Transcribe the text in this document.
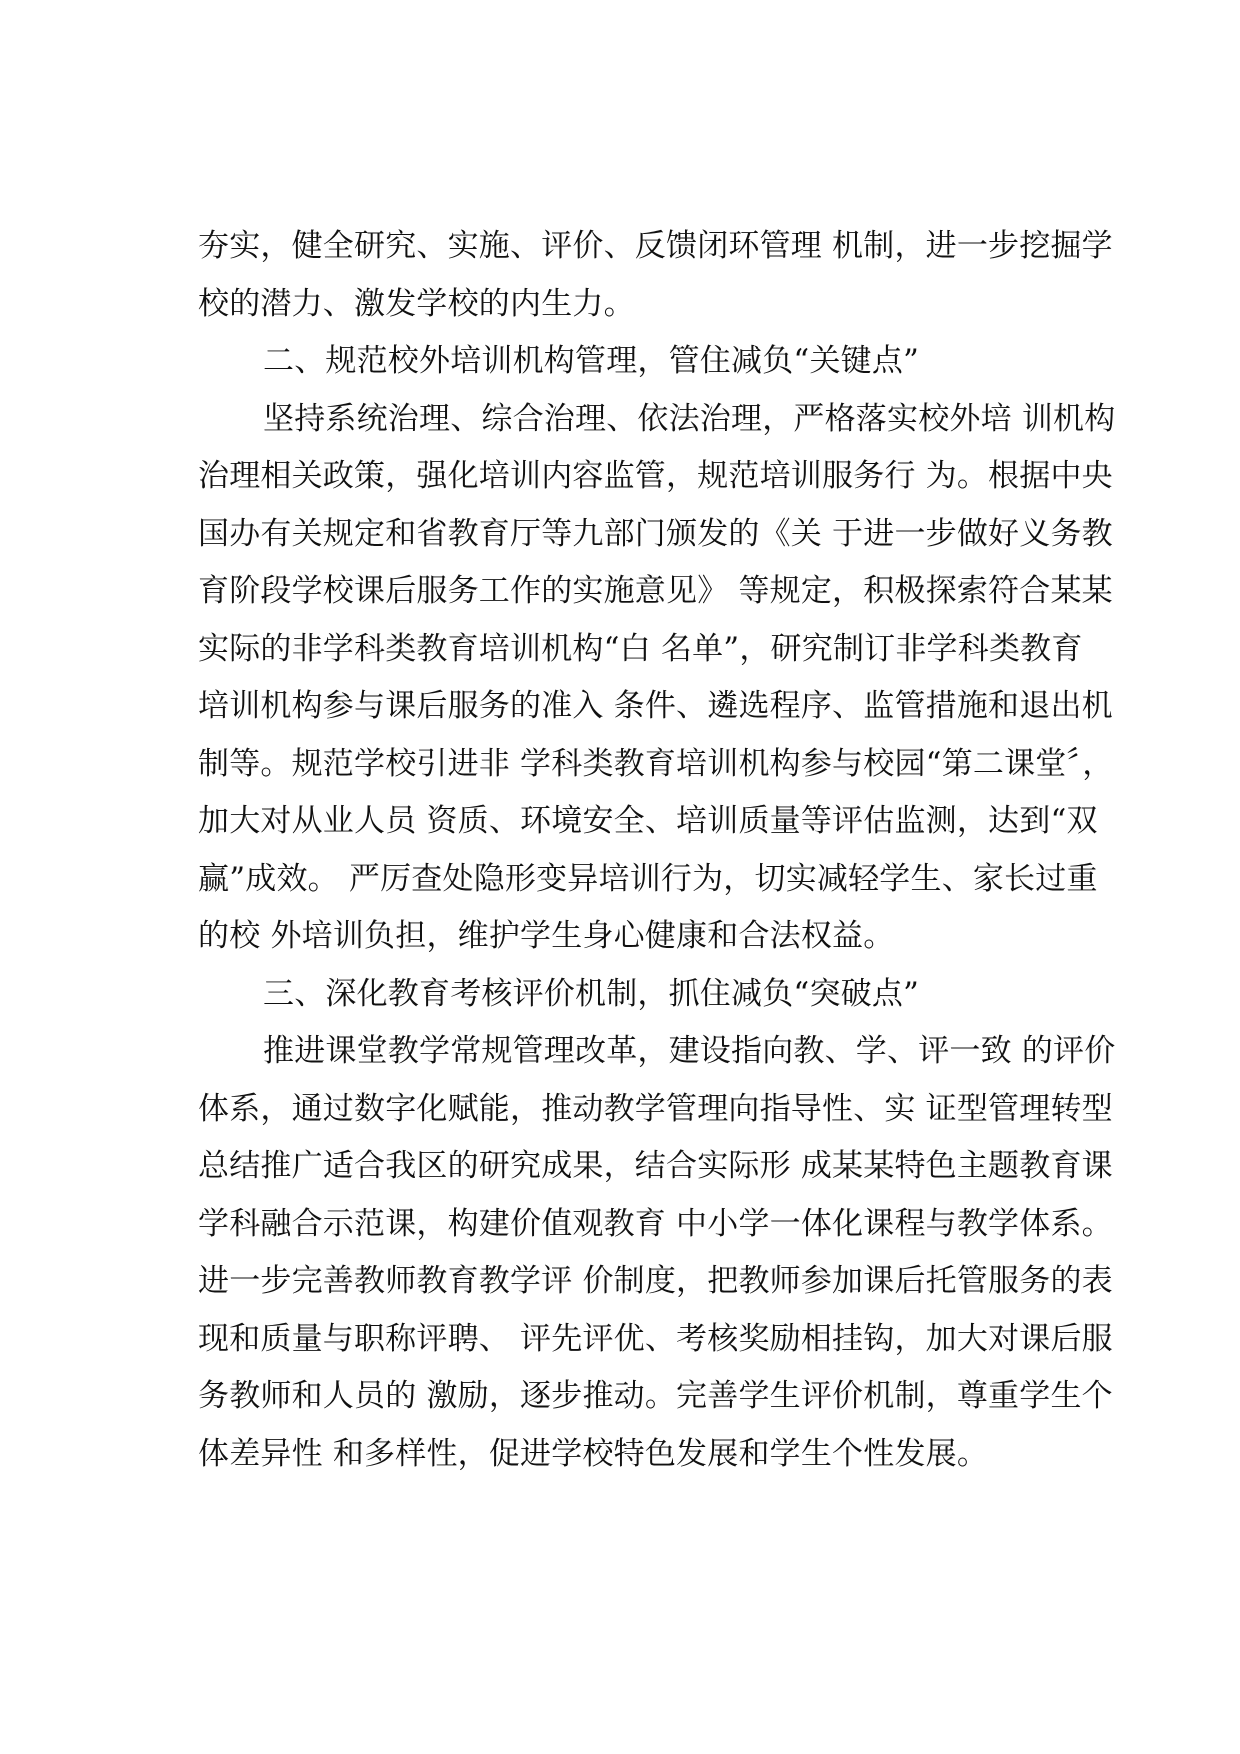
夯实，健全研究、实施、评价、反馈闭环管理 机制，进一步挖掘学
校的潜力、激发学校的内生力。
二、规范校外培训机构管理，管住减负“关键点”
坚持系统治理、综合治理、依法治理，严格落实校外培 训机构
治理相关政策，强化培训内容监管，规范培训服务行 为。根据中央
国办有关规定和省教育厅等九部门颁发的《关 于进一步做好义务教
育阶段学校课后服务工作的实施意见》 等规定，积极探索符合某某
实际的非学科类教育培训机构“白 名单”，研究制订非学科类教育
培训机构参与课后服务的准入 条件、遴选程序、监管措施和退出机
制等。规范学校引进非 学科类教育培训机构参与校园“第二课堂〞，
加大对从业人员 资质、环境安全、培训质量等评估监测，达到“双
赢”成效。 严厉查处隐形变异培训行为，切实减轻学生、家长过重
的校 外培训负担，维护学生身心健康和合法权益。
三、深化教育考核评价机制，抓住减负“突破点”
推进课堂教学常规管理改革，建设指向教、学、评一致 的评价
体系，通过数字化赋能，推动教学管理向指导性、实 证型管理转型
总结推广适合我区的研究成果，结合实际形 成某某特色主题教育课
学科融合示范课，构建价值观教育 中小学一体化课程与教学体系。
进一步完善教师教育教学评 价制度，把教师参加课后托管服务的表
现和质量与职称评聘、 评先评优、考核奖励相挂钩，加大对课后服
务教师和人员的 激励，逐步推动。完善学生评价机制，尊重学生个
体差异性 和多样性，促进学校特色发展和学生个性发展。
